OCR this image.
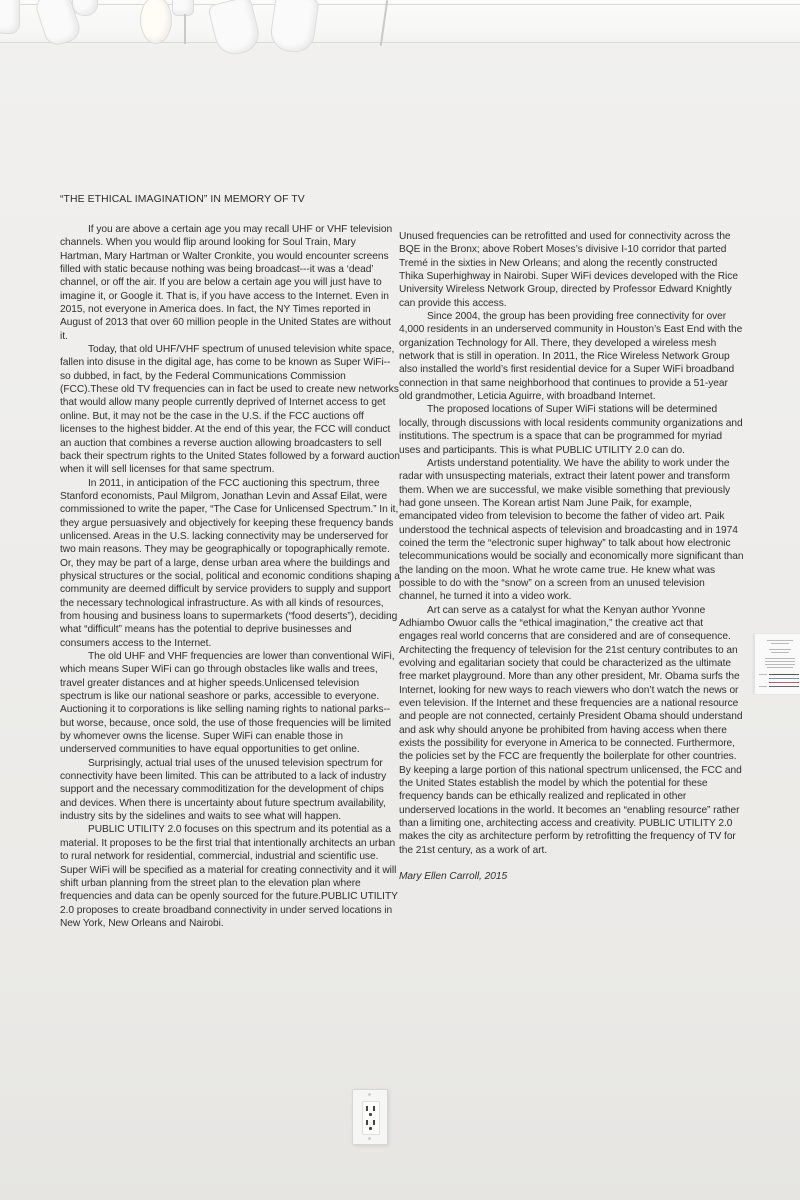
“THE ETHICAL IMAGINATION” IN MEMORY OF TV

If you are above a certain age you may recall UHF or VHF television channels. When you would flip around looking for Soul Train, Mary Hartman, Mary Hartman or Walter Cronkite, you would encounter screens filled with static because nothing was being broadcast---it was a ‘dead’ channel, or off the air. If you are below a certain age you will just have to imagine it, or Google it. That is, if you have access to the Internet. Even in 2015, not everyone in America does. In fact, the NY Times reported in August of 2013 that over 60 million people in the United States are without it.

Today, that old UHF/VHF spectrum of unused television white space, fallen into disuse in the digital age, has come to be known as Super WiFi--so dubbed, in fact, by the Federal Communications Commission (FCC).These old TV frequencies can in fact be used to create new networks that would allow many people currently deprived of Internet access to get online. But, it may not be the case in the U.S. if the FCC auctions off licenses to the highest bidder. At the end of this year, the FCC will conduct an auction that combines a reverse auction allowing broadcasters to sell back their spectrum rights to the United States followed by a forward auction when it will sell licenses for that same spectrum.

In 2011, in anticipation of the FCC auctioning this spectrum, three Stanford economists, Paul Milgrom, Jonathan Levin and Assaf Eilat, were commissioned to write the paper, “The Case for Unlicensed Spectrum.” In it, they argue persuasively and objectively for keeping these frequency bands unlicensed. Areas in the U.S. lacking connectivity may be underserved for two main reasons. They may be geographically or topographically remote. Or, they may be part of a large, dense urban area where the buildings and physical structures or the social, political and economic conditions shaping a community are deemed difficult by service providers to supply and support the necessary technological infrastructure. As with all kinds of resources, from housing and business loans to supermarkets (“food deserts”), deciding what “difficult” means has the potential to deprive businesses and consumers access to the Internet.

The old UHF and VHF frequencies are lower than conventional WiFi, which means Super WiFi can go through obstacles like walls and trees, travel greater distances and at higher speeds.Unlicensed television spectrum is like our national seashore or parks, accessible to everyone. Auctioning it to corporations is like selling naming rights to national parks-- but worse, because, once sold, the use of those frequencies will be limited by whomever owns the license. Super WiFi can enable those in underserved communities to have equal opportunities to get online.

Surprisingly, actual trial uses of the unused television spectrum for connectivity have been limited. This can be attributed to a lack of industry support and the necessary commoditization for the development of chips and devices. When there is uncertainty about future spectrum availability, industry sits by the sidelines and waits to see what will happen.

PUBLIC UTILITY 2.0 focuses on this spectrum and its potential as a material. It proposes to be the first trial that intentionally architects an urban to rural network for residential, commercial, industrial and scientific use. Super WiFi will be specified as a material for creating connectivity and it will shift urban planning from the street plan to the elevation plan where frequencies and data can be openly sourced for the future.PUBLIC UTILITY 2.0 proposes to create broadband connectivity in under served locations in New York, New Orleans and Nairobi.

Unused frequencies can be retrofitted and used for connectivity across the BQE in the Bronx; above Robert Moses’s divisive I-10 corridor that parted Tremé in the sixties in New Orleans; and along the recently constructed Thika Superhighway in Nairobi. Super WiFi devices developed with the Rice University Wireless Network Group, directed by Professor Edward Knightly can provide this access.

Since 2004, the group has been providing free connectivity for over 4,000 residents in an underserved community in Houston’s East End with the organization Technology for All. There, they developed a wireless mesh network that is still in operation. In 2011, the Rice Wireless Network Group also installed the world’s first residential device for a Super WiFi broadband connection in that same neighborhood that continues to provide a 51-year old grandmother, Leticia Aguirre, with broadband Internet.

The proposed locations of Super WiFi stations will be determined locally, through discussions with local residents community organizations and institutions. The spectrum is a space that can be programmed for myriad uses and participants. This is what PUBLIC UTILITY 2.0 can do.

Artists understand potentiality. We have the ability to work under the radar with unsuspecting materials, extract their latent power and transform them. When we are successful, we make visible something that previously had gone unseen. The Korean artist Nam June Paik, for example, emancipated video from television to become the father of video art. Paik understood the technical aspects of television and broadcasting and in 1974 coined the term the “electronic super highway” to talk about how electronic telecommunications would be socially and economically more significant than the landing on the moon. What he wrote came true. He knew what was possible to do with the “snow” on a screen from an unused television channel, he turned it into a video work.

Art can serve as a catalyst for what the Kenyan author Yvonne Adhiambo Owuor calls the “ethical imagination,” the creative act that engages real world concerns that are considered and are of consequence. Architecting the frequency of television for the 21st century contributes to an evolving and egalitarian society that could be characterized as the ultimate free market playground. More than any other president, Mr. Obama surfs the Internet, looking for new ways to reach viewers who don’t watch the news or even television. If the Internet and these frequencies are a national resource and people are not connected, certainly President Obama should understand and ask why should anyone be prohibited from having access when there exists the possibility for everyone in America to be connected. Furthermore, the policies set by the FCC are frequently the boilerplate for other countries. By keeping a large portion of this national spectrum unlicensed, the FCC and the United States establish the model by which the potential for these frequency bands can be ethically realized and replicated in other underserved locations in the world. It becomes an “enabling resource” rather than a limiting one, architecting access and creativity. PUBLIC UTILITY 2.0 makes the city as architecture perform by retrofitting the frequency of TV for the 21st century, as a work of art.

Mary Ellen Carroll, 2015
